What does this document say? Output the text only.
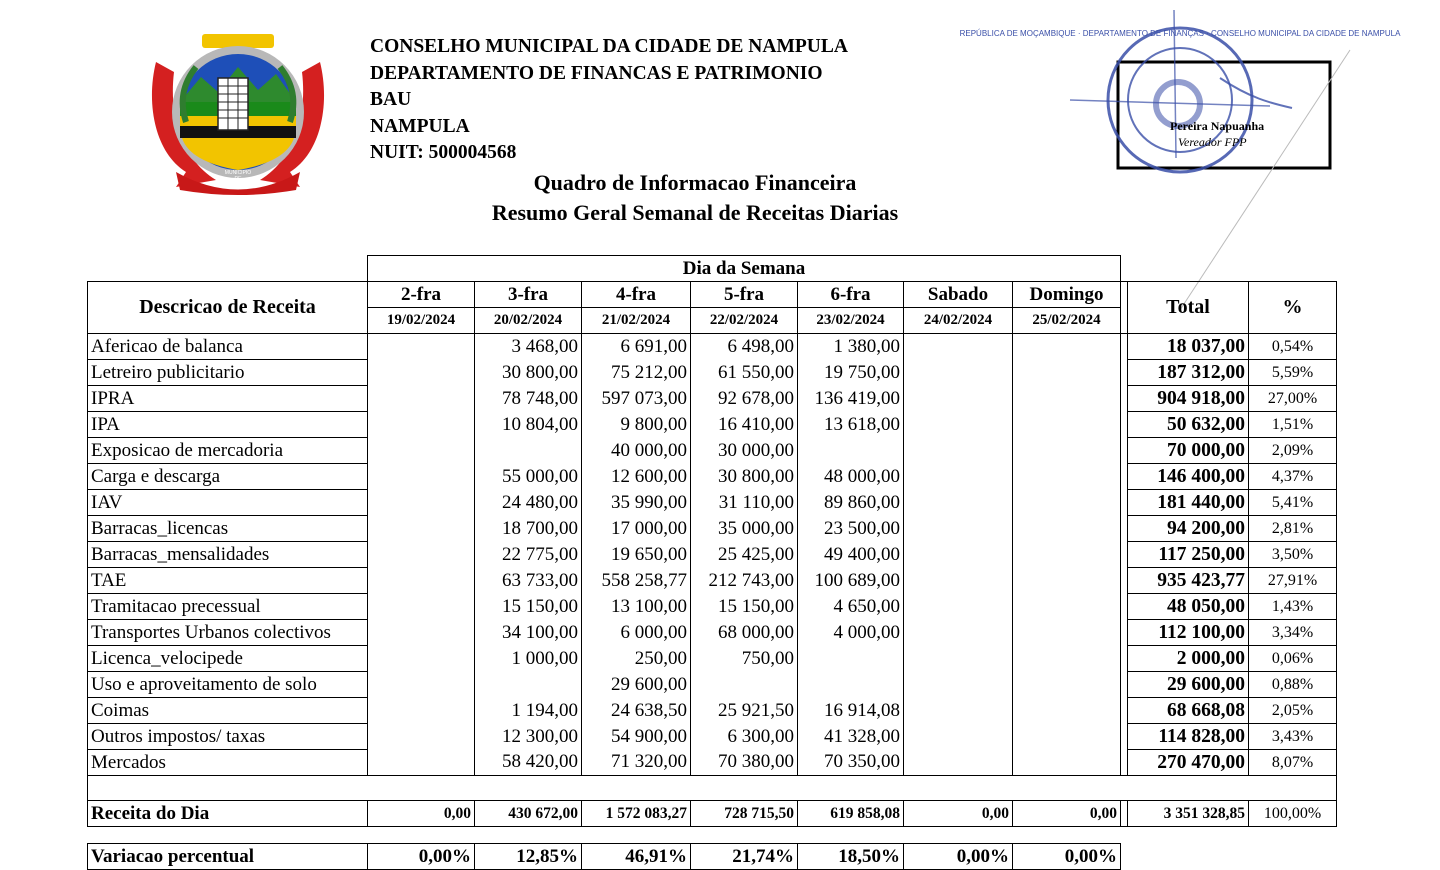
MUNICIPIO
DE
NAMPULA
CONSELHO MUNICIPAL DA CIDADE DE NAMPULA
DEPARTAMENTO DE FINANCAS E PATRIMONIO
BAU
NAMPULA
NUIT: 500004568
Quadro de Informacao Financeira
Resumo Geral Semanal de Receitas Diarias
REPÚBLICA DE MOÇAMBIQUE · DEPARTAMENTO DE FINANÇAS · CONSELHO MUNICIPAL DA CIDADE DE NAMPULA
Pereira Napuanha
Vereador FPP
	Dia da Semana									
Descricao de Receita	2-fra	3-fra	4-fra	5-fra	6-fra	Sabado	Domingo		Total	%
	19/02/2024	20/02/2024	21/02/2024	22/02/2024	23/02/2024	24/02/2024	25/02/2024			
Afericao de balanca		3 468,00	6 691,00	6 498,00	1 380,00				18 037,00	0,54%
Letreiro publicitario		30 800,00	75 212,00	61 550,00	19 750,00				187 312,00	5,59%
IPRA		78 748,00	597 073,00	92 678,00	136 419,00				904 918,00	27,00%
IPA		10 804,00	9 800,00	16 410,00	13 618,00				50 632,00	1,51%
Exposicao de mercadoria			40 000,00	30 000,00					70 000,00	2,09%
Carga e descarga		55 000,00	12 600,00	30 800,00	48 000,00				146 400,00	4,37%
IAV		24 480,00	35 990,00	31 110,00	89 860,00				181 440,00	5,41%
Barracas_licencas		18 700,00	17 000,00	35 000,00	23 500,00				94 200,00	2,81%
Barracas_mensalidades		22 775,00	19 650,00	25 425,00	49 400,00				117 250,00	3,50%
TAE		63 733,00	558 258,77	212 743,00	100 689,00				935 423,77	27,91%
Tramitacao precessual		15 150,00	13 100,00	15 150,00	4 650,00				48 050,00	1,43%
Transportes Urbanos colectivos		34 100,00	6 000,00	68 000,00	4 000,00				112 100,00	3,34%
Licenca_velocipede		1 000,00	250,00	750,00					2 000,00	0,06%
Uso e aproveitamento de solo			29 600,00						29 600,00	0,88%
Coimas		1 194,00	24 638,50	25 921,50	16 914,08				68 668,08	2,05%
Outros impostos/ taxas		12 300,00	54 900,00	6 300,00	41 328,00				114 828,00	3,43%
Mercados		58 420,00	71 320,00	70 380,00	70 350,00				270 470,00	8,07%

Receita do Dia	0,00	430 672,00	1 572 083,27	728 715,50	619 858,08	0,00	0,00		3 351 328,85	100,00%

Variacao percentual	0,00%	12,85%	46,91%	21,74%	18,50%	0,00%	0,00%			
